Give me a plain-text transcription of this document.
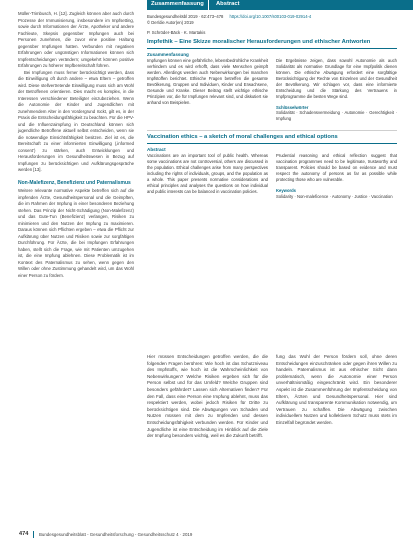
Müller-Trimbusch, H. [12]. Zugleich können aber auch durch Prozesse der Immunisierung, insbesondere im Impfsetting, sowie durch Informationen der Ärzte, Apotheker und andere Fachleute, Skepsis gegenüber Impfungen auch bei Personen zunehmen, die zuvor eine positive Haltung gegenüber Impfungen hatten. Verbunden mit negativen Erfahrungen oder ungünstigen Informationen können sich Impfentscheidungen verändern; umgekehrt können positive Erfahrungen zu höherer Impfbereitschaft führen.

Bei Impfungen muss ferner berücksichtigt werden, dass die Einwilligung oft durch andere – etwa Eltern – getroffen wird. Diese stellvertretende Einwilligung muss sich am Wohl der Betroffenen orientieren. Dies macht es komplex, in die Interessen verschiedener Beteiligter einzubeziehen. Wenn die Autonomie der Kinder und Jugendlichen mit zunehmendem Alter in den Vordergrund rückt, gilt es, in der Praxis die Entscheidungsfähigkeit zu beachten. Für die HPV- und die Influenzaimpfung in Deutschland können sich jugendliche Betroffene aktuell selbst entscheiden, wenn sie die notwendige Einsichtsfähigkeit besitzen. Ziel ist es, die Bereitschaft zu einer informierten Einwilligung (‚informed consent‘) zu stärken, auch Entwicklungen und Herausforderungen im Gesundheitswesen in Bezug auf Impfungen zu berücksichtigen und Aufklärungsgespräche werden [13].

Non-Malefizenz, Benefizienz und Paternalismus

Weitere relevante normative Aspekte betreffen sich auf die impfenden Ärzte, Gesundheitspersonal und die Geimpften, die im Rahmen der Impfung in einer besonderen Beziehung stehen. Das Prinzip der Nicht-Schädigung (Non-Malefizenz) und das Gute-Tun (Benefizienz) verlangen, Risiken zu minimieren und den Nutzen der Impfung zu maximieren. Daraus können sich Pflichten ergeben – etwa die Pflicht zur Aufklärung über Nutzen und Risiken sowie zur sorgfältigen Durchführung. Für Ärzte, die bei Impfungen Erfahrungen haben, stellt sich die Frage, wie mit Patienten umzugehen ist, die eine Impfung ablehnen. Diese Problematik ist im Kontext des Paternalismus zu sehen, wenn gegen den Willen oder ohne Zustimmung gehandelt wird, um das Wohl einer Person zu fördern.

Zusammenfassung Abstract
Bundesgesundheitsbl 2019 · 62:473–478 https://doi.org/10.1007/s00103-019-02914-4
© Der/die Autor(en) 2019
P. Schröder-Bäck · K. Martakis
Impfethik – Eine Skizze moralischer Herausforderungen und ethischer Antworten
Zusammenfassung
Impfungen können eine gefährliche, lebensbedrohliche Krankheit verhindern und es wird erhofft, dass viele Menschen geimpft werden. Allerdings werden auch Nebenwirkungen bei manchen Impfstoffen berichtet. Ethische Fragen betreffen die gesamte Bevölkerung, Gruppen und Individuen, Kinder und Erwachsene, Gesunde und Kranke. Dieser Beitrag stellt wichtige ethische Prinzipien vor, die für Impfungen relevant sind, und diskutiert sie anhand von Beispielen.
Die Ergebnisse zeigen, dass sowohl Autonomie als auch Solidarität als normative Grundlage für eine Impfpolitik dienen können. Die ethische Abwägung erfordert eine sorgfältige Berücksichtigung der Rechte von Einzelnen und der Gesundheit der Bevölkerung. Wir schlagen vor, dass eine informierte Entscheidung und die Stärkung des Vertrauens in Impfprogramme die besten Wege sind.
Schlüsselwörter
Solidarität · Schadensvermeidung · Autonomie · Gerechtigkeit · Impfung
Vaccination ethics – a sketch of moral challenges and ethical options
Abstract
Vaccinations are an important tool of public health. Whereas some vaccinations are not controversial, others are discussed in the population. Ethical challenges arise from many perspectives including the rights of individuals, groups, and the population as a whole. This paper presents normative considerations and ethical principles and analyses the questions on how individual and public interests can be balanced in vaccination policies.
Prudential reasoning and ethical reflection suggest that vaccination programmes need to be legitimate, trustworthy and transparent. Policies should be based on evidence and must respect the autonomy of persons as far as possible while protecting those who are vulnerable.
Keywords
Solidarity · Non-maleficence · Autonomy · Justice · Vaccination
Hier müssen Entscheidungen getroffen werden, die die folgenden Fragen berühren: Wie hoch ist das Schutzniveau des Impfstoffs, wie hoch ist die Wahrscheinlichkeit von Nebenwirkungen? Welche Risiken ergeben sich für die Person selbst und für das Umfeld? Welche Gruppen sind besonders gefährdet? Lassen sich Alternativen finden? Für den Fall, dass eine Person eine Impfung ablehnt, muss das respektiert werden, wobei jedoch Risiken für Dritte zu berücksichtigen sind. Die Abwägungen von Schaden und Nutzen müssen mit dem zu Impfenden und dessen Entscheidungsfähigkeit verbunden werden. Für Kinder und Jugendliche ist eine Entscheidung im Hinblick auf die Ziele der Impfung besonders wichtig, weil es die Zukunft betrifft.
fung das Wohl der Person fördern soll, ohne deren Entscheidungen einzuschränken oder gegen ihren Willen zu handeln. Paternalismus ist aus ethischer Sicht dann problematisch, wenn die Autonomie einer Person unverhältnismäßig eingeschränkt wird. Ein besonderer Aspekt ist die Zusammenführung der Impfentscheidung von Eltern, Ärzten und Gesundheitspersonal. Hier sind Aufklärung und transparente Kommunikation notwendig, um Vertrauen zu schaffen. Die Abwägung zwischen individuellem Nutzen und kollektivem Schutz muss stets im Einzelfall begründet werden.
474 Bundesgesundheitsblatt - Gesundheitsforschung - Gesundheitsschutz 4 · 2019
